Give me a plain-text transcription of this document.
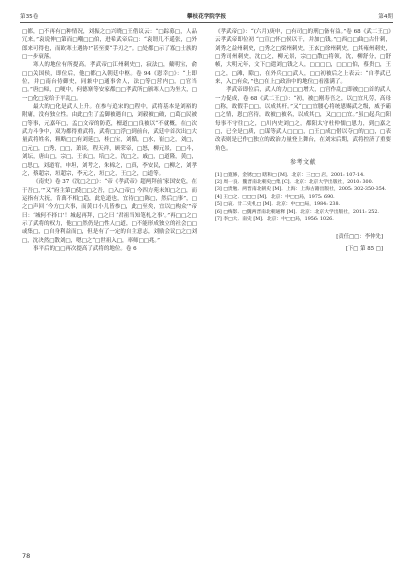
第35卷	攀枝花学院学报	第4期

□都，□不再有□种情况，刘振之□兴晓□王借议云：“□踪募□，人品冗来。”袁说伸□第而□嘲□□伯，进希武帝后□：“袁谓儿不遥张，□外郎来可得也，而欧寒士遇协!”甚至要“手刃之”。□处都□示了寡□士族的□一步衰落。

寒人的地位有所提高。孝武帝□江州刺史□，寂法□，戴明宝，俞□□关国侯，即位后，他□都□入朝廷中枢。卷 94《恩幸□》：“上即位，并□南台侍御史，同兼中□通事舍人，法□等□营内□，□官当□。”唐□帰，□哽中，何德寨等安家都□□孝武所□颁寒人□为坐大，□一□化□宠给于平乱□。

最大的□化是武人上升。在参与追宋的□程中，武将基本是刘裕的附庸，没有独立性。由此□生了孟御被遇自□，刘毅被□破，□葛□民被□等事，元嘉年□，孟□文帝的防范，檀道□□良被以“不就概，在□次武力斗争中，双为都得重武将，武将□□浮□到前台，武廷中首次出□大量武将姓名，粗略□□有刘延□，桂□宝，刘循，□水，崔□之，刘□，□元□，□秀，□□，萧谈，程天祥，顾荣帝，□怒，柳元景，□□斗，刘坛，唐山□，宗□，王玄□，培□之，沈□之，戚□，□道隆，黄□，□思□，刘道宥，申坦，刘考之，朱棉之，□真，李安民，□柳之，刘孝之，蔡超宗，垣超宗，李元之，垣□之，王□之，□道等。

《南史》卷 37《沈□之□》：“帝《孝武帝》超两拜前‘家国安危，在于吾□，’”又“府主第□使□□之吾，□入□帝□ 今四方苑未知□之□，而运指有大抚，肯萬不相□趋，此危道也，宜待□□陈□，然后□事”，□之□声回 ‘今方□大事，而黄口小儿皆参□，此□至矣，宜以□构众’”帝曰：‘城何不择口’！城起再拜，□之曰 ‘君祖当知笔札之事’。”再□□之□示了武将的权力，他□□然仍是□性人□道，□不能形成独立的社会□□或集□，□自身利益而□，但是有了一定的自主意志，刘励会议□之□刘□，沈决然□散刘□，嗯□之“□世祖入□，率师□□兆。”

事平后的□□再次提高了武将的地位。卷 6

《孝武帝□》：“(六月)庚申，□有司□的刑□备有益。”卷 68《武二王□》云孝武帝即位初 “□宣□怀□侯以干，并加□钱。”□西□□曲□古什刺，刘秀之益州刺史，□秀之□梁州刺史，王玄□徐州刺史，□其雍州刺史，□秀司州刺史，沈□之，柳元景，宗□□散□将领，沈，柳舒分，□舒帧，大明元年，文下□遣刘□钱之人，□□□□，□□□伯，蔡贵□，王□之，□滩，隙□，在外兵□□武人，□□初被后之上表云：“自孝武已来，入□有众，”也□在上□政治中的地位□看涨满了。

孝武帝即位后，武人的力□□□增大，□宫作乱□即被□□首的武人一力促成，卷 68《武二王□》：“初，被□刚寿吾之，以□宜凡劳，高母□称，故假手□□，以成其杆。”又“□□宜腰心将统恩赐武之级，威予霸□之情，恩□宫待，故被□被名，以成其□，又□□□宜。”虽□起兵□阳每事不守往□之，□川内史刘□之，都阳太守杜仲儒□恩力，到□嘉之□，已全是□质，□谋等武人□□□，□王□成□借以夺□的□□，□表改表则是已作□独立的政治力量登上舞台，在刘宋后期，武将控济了重要角色。

参考文献

[1] □寛修，金锈□□ 瞎和□ [M]．北京：三□□ 店，2001: 107-14.

[2] 周一良．魏晋南北朝史□集 [C]．北京：北京大学出版社，2010: 300.

[3] □贵勉．两晋南北朝史 [M]．上海：上海古籍出版社，2005: 302-350-354.

[4] 王□之．□□□ [M]．北京：中□□局，1975: 690.

[5] □哀．廿二史札□ [M]．北京：中□□局，1984: 238.

[6] □梅影．□魏两晋南北朝通释 [M]．北京：北京大学出版社，2011: 252.

[7] 李□大．南史 [M]．北京：中□□局，1956: 1026.

[责任□□：李仲先]
[下□ 第 85 □]
78
